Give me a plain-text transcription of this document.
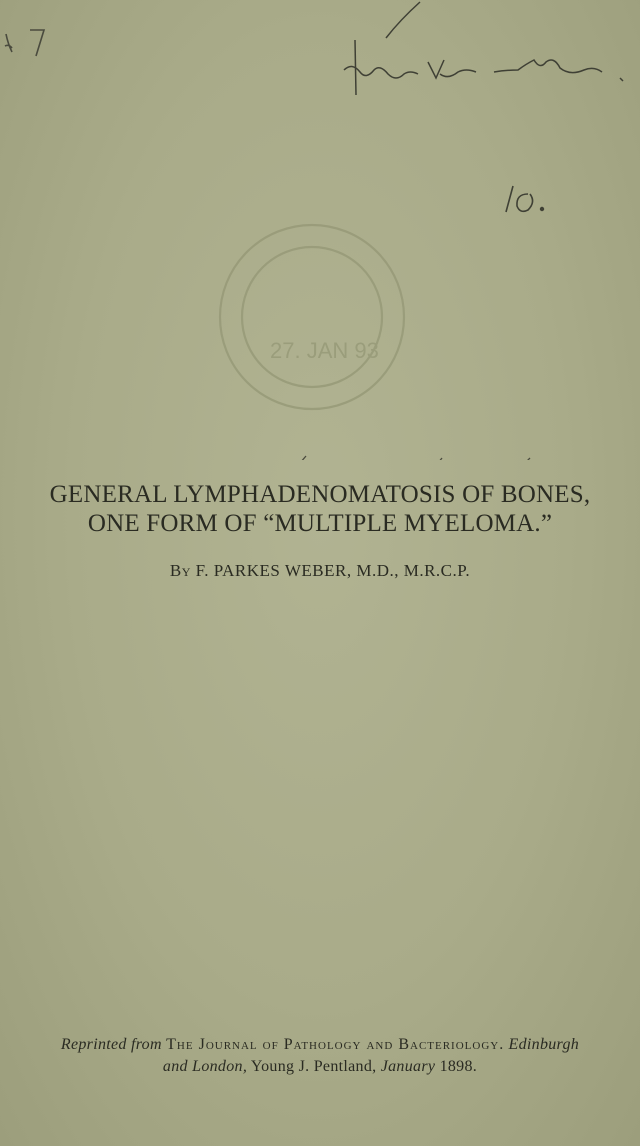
27. JAN 93
GENERAL LYMPHADENOMATOSIS OF BONES,
ONE FORM OF “MULTIPLE MYELOMA.”
By F. PARKES WEBER, M.D., M.R.C.P.
Reprinted from The Journal of Pathology and Bacteriology. Edinburgh
and London, Young J. Pentland, January 1898.
